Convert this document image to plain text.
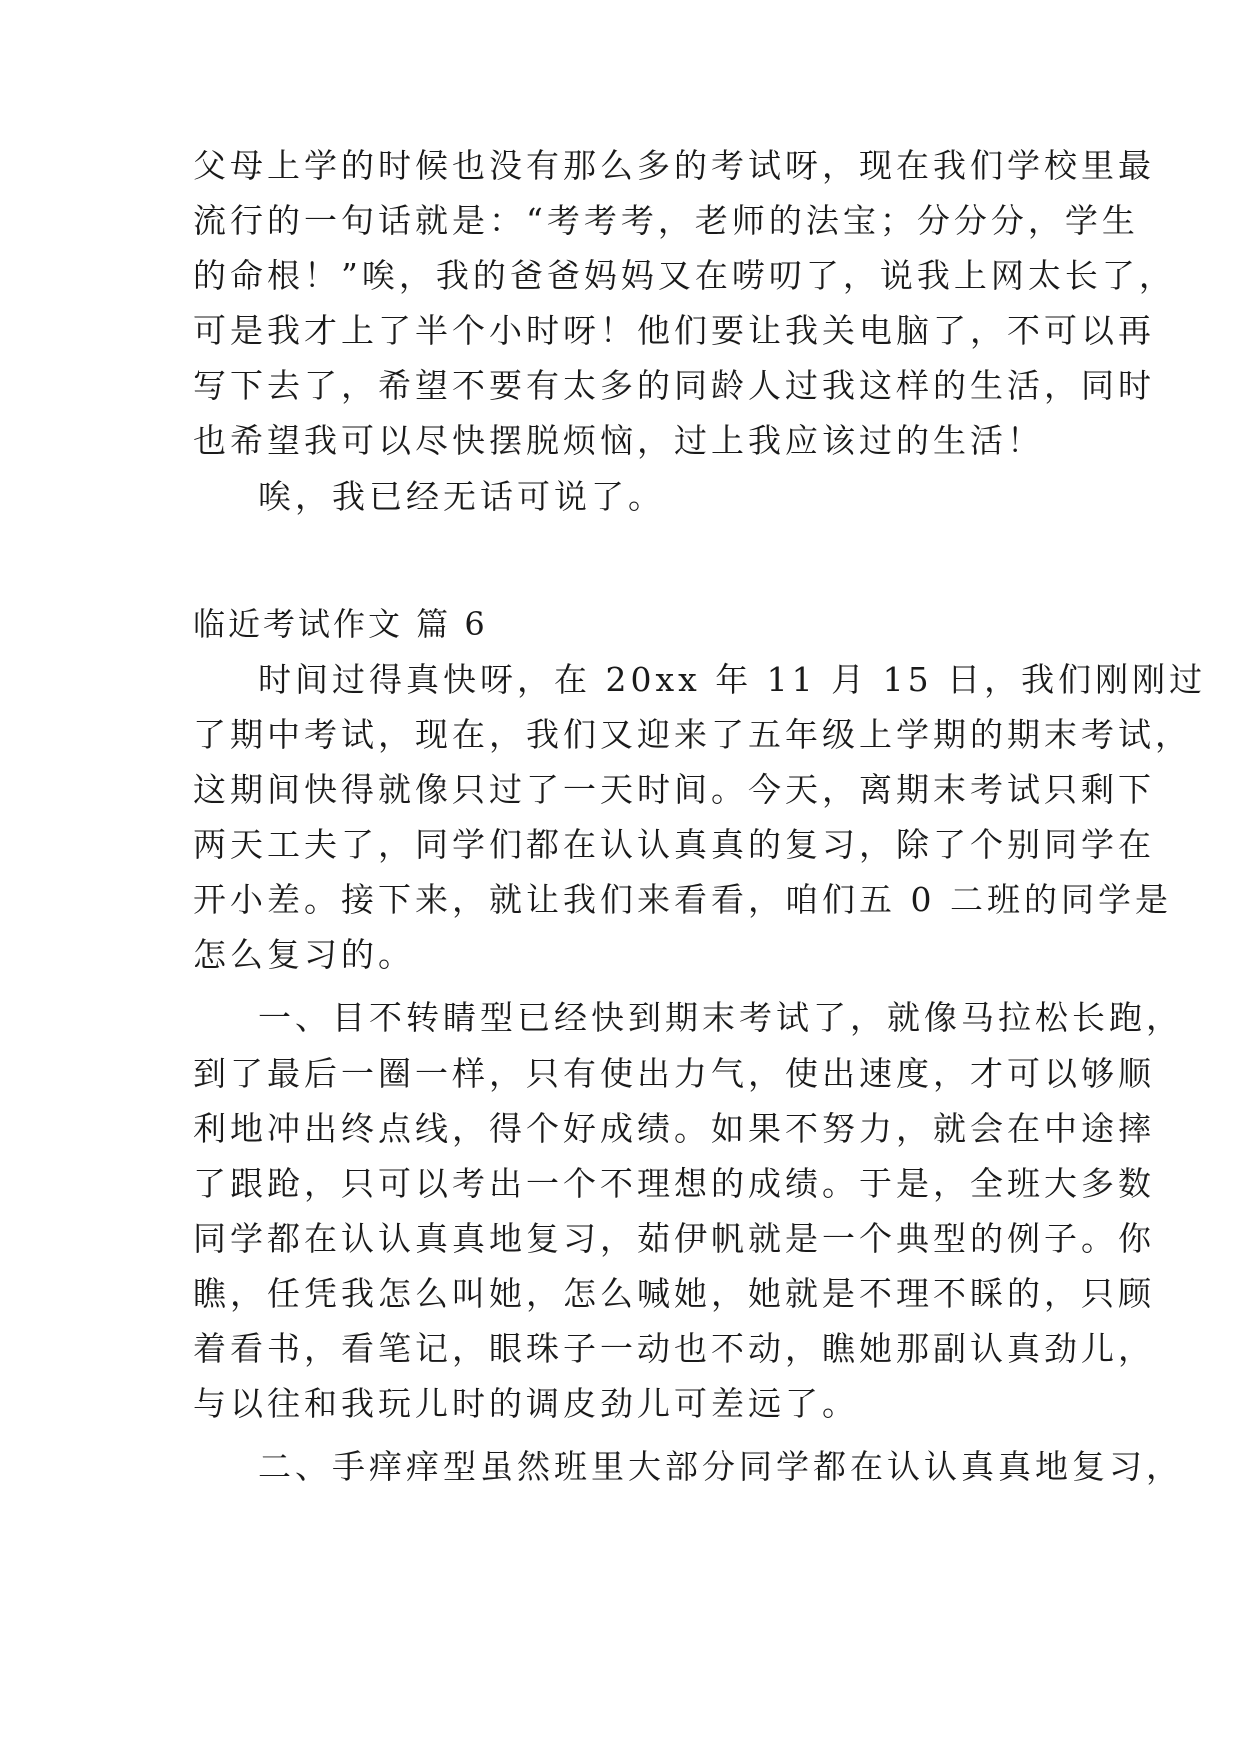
父母上学的时候也没有那么多的考试呀，现在我们学校里最
流行的一句话就是：“考考考，老师的法宝；分分分，学生
的命根！”唉，我的爸爸妈妈又在唠叨了，说我上网太长了，
可是我才上了半个小时呀！他们要让我关电脑了，不可以再
写下去了，希望不要有太多的同龄人过我这样的生活，同时
也希望我可以尽快摆脱烦恼，过上我应该过的生活！
唉，我已经无话可说了。
临近考试作文 篇 6
时间过得真快呀，在 20xx 年 11 月 15 日，我们刚刚过
了期中考试，现在，我们又迎来了五年级上学期的期末考试，
这期间快得就像只过了一天时间。今天，离期末考试只剩下
两天工夫了，同学们都在认认真真的复习，除了个别同学在
开小差。接下来，就让我们来看看，咱们五 0 二班的同学是
怎么复习的。
一、目不转睛型已经快到期末考试了，就像马拉松长跑，
到了最后一圈一样，只有使出力气，使出速度，才可以够顺
利地冲出终点线，得个好成绩。如果不努力，就会在中途摔
了跟跄，只可以考出一个不理想的成绩。于是，全班大多数
同学都在认认真真地复习，茹伊帆就是一个典型的例子。你
瞧，任凭我怎么叫她，怎么喊她，她就是不理不睬的，只顾
着看书，看笔记，眼珠子一动也不动，瞧她那副认真劲儿，
与以往和我玩儿时的调皮劲儿可差远了。
二、手痒痒型虽然班里大部分同学都在认认真真地复习，
